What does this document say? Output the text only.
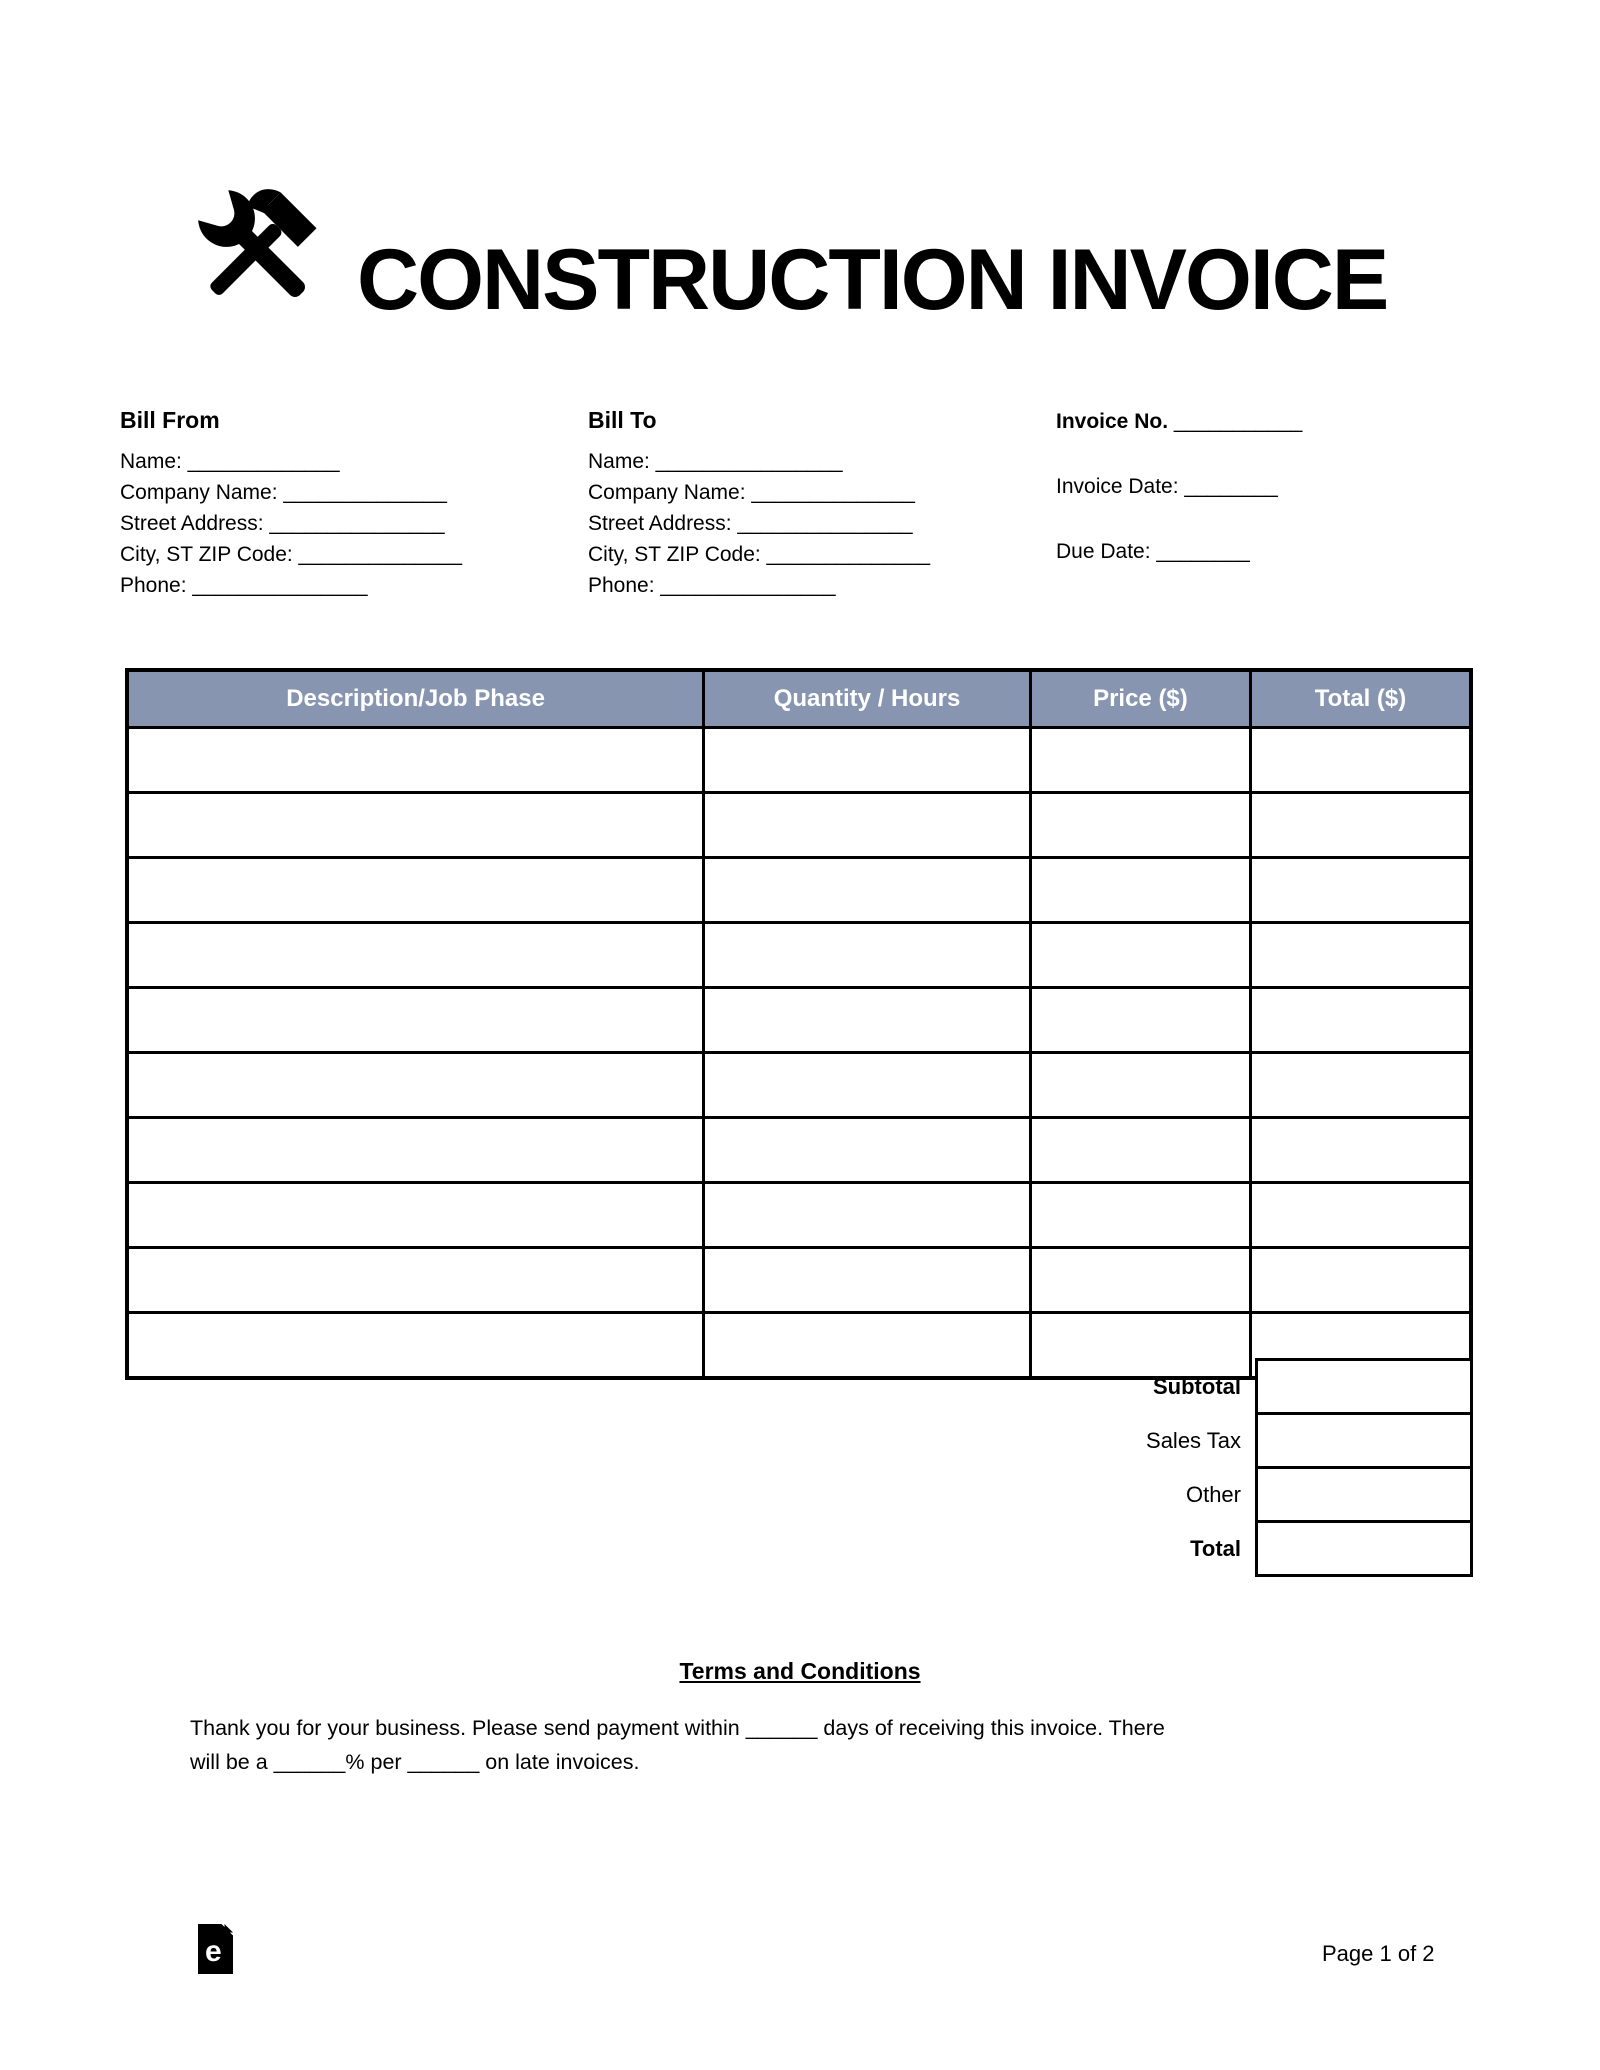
CONSTRUCTION INVOICE
Bill From
Name: _____________
Company Name: ______________
Street Address: _______________
City, ST ZIP Code: ______________
Phone: _______________
Bill To
Name: ________________
Company Name: ______________
Street Address: _______________
City, ST ZIP Code: ______________
Phone: _______________
Invoice No. ___________
Invoice Date: ________
Due Date: ________
Description/Job Phase	Quantity / Hours	Price ($)	Total ($)

Subtotal
Sales Tax
Other
Total
Terms and Conditions

Thank you for your business. Please send payment within ______ days of receiving this invoice. There

will be a ______% per ______ on late invoices.

e	Page 1 of 2
